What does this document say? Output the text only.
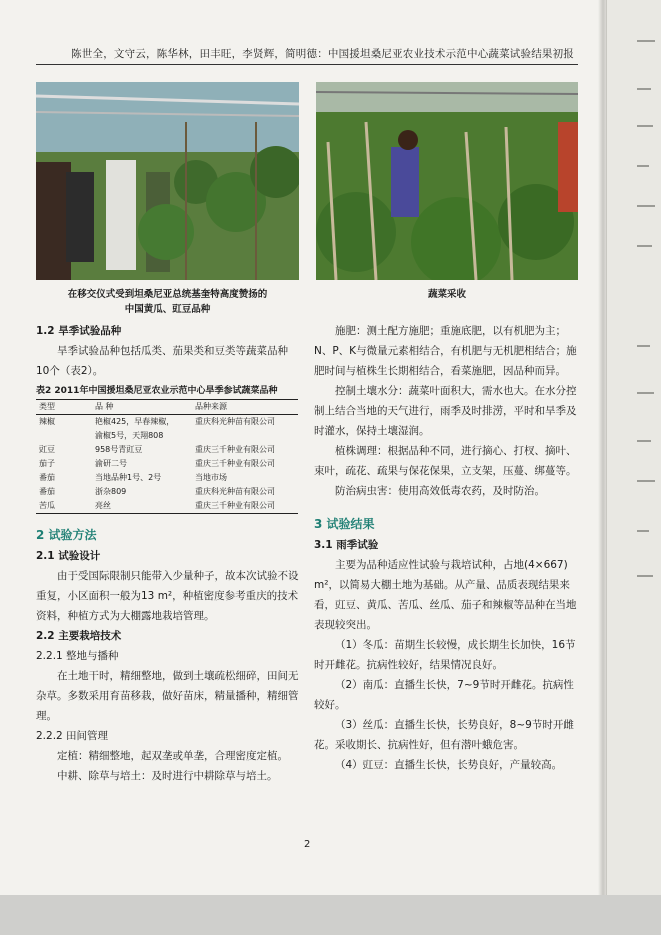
陈世全，文守云，陈华林，田丰旺，李贤辉，简明德：中国援坦桑尼亚农业技术示范中心蔬菜试验结果初报
在移交仪式受到坦桑尼亚总统基奎特高度赞扬的
中国黄瓜、豇豆品种
蔬菜采收

1.2 旱季试验品种

旱季试验品种包括瓜类、茄果类和豆类等蔬菜品种10个（表2）。

表2 2011年中国援坦桑尼亚农业示范中心旱季参试蔬菜品种
类型	品 种	品种来源
辣椒	艳椒425，早春辣椒，	重庆科光种苗有限公司
	渝椒5号，天翔808	
豇豆	958号青豇豆	重庆三千种业有限公司
茄子	渝研二号	重庆三千种业有限公司
番茄	当地品种1号、2号	当地市场
番茄	浙杂809	重庆科光种苗有限公司
苦瓜	亮丝	重庆三千种业有限公司

2 试验方法

2.1 试验设计

由于受国际限制只能带入少量种子，故本次试验不设重复，小区面积一般为13 m²，种植密度参考重庆的技术资料，种植方式为大棚露地栽培管理。

2.2 主要栽培技术

2.2.1 整地与播种

在土地干时，精细整地，做到土壤疏松细碎，田间无杂草。多数采用育苗移栽，做好苗床，精量播种，精细管理。

2.2.2 田间管理

定植：精细整地，起双垄或单垄，合理密度定植。

中耕、除草与培土：及时进行中耕除草与培土。

施肥：测土配方施肥；重施底肥，以有机肥为主；N、P、K与微量元素相结合，有机肥与无机肥相结合；施肥时间与植株生长期相结合，看菜施肥，因品种而异。

控制土壤水分：蔬菜叶面积大，需水也大。在水分控制上结合当地的天气进行，雨季及时排涝，平时和旱季及时灌水，保持土壤湿润。

植株调理：根据品种不同，进行摘心、打杈、摘叶、束叶，疏花、疏果与保花保果，立支架，压蔓、绑蔓等。

防治病虫害：使用高效低毒农药，及时防治。

3 试验结果

3.1 雨季试验

主要为品种适应性试验与栽培试种，占地(4×667) m²，以简易大棚土地为基础。从产量、品质表现结果来看，豇豆、黄瓜、苦瓜、丝瓜、茄子和辣椒等品种在当地表现较突出。

（1）冬瓜：苗期生长较慢，成长期生长加快，16节时开雌花。抗病性较好，结果情况良好。

（2）南瓜：直播生长快，7~9节时开雌花。抗病性较好。

（3）丝瓜：直播生长快，长势良好，8~9节时开雌花。采收期长、抗病性好，但有潜叶蛾危害。

（4）豇豆：直播生长快，长势良好，产量较高。

2
